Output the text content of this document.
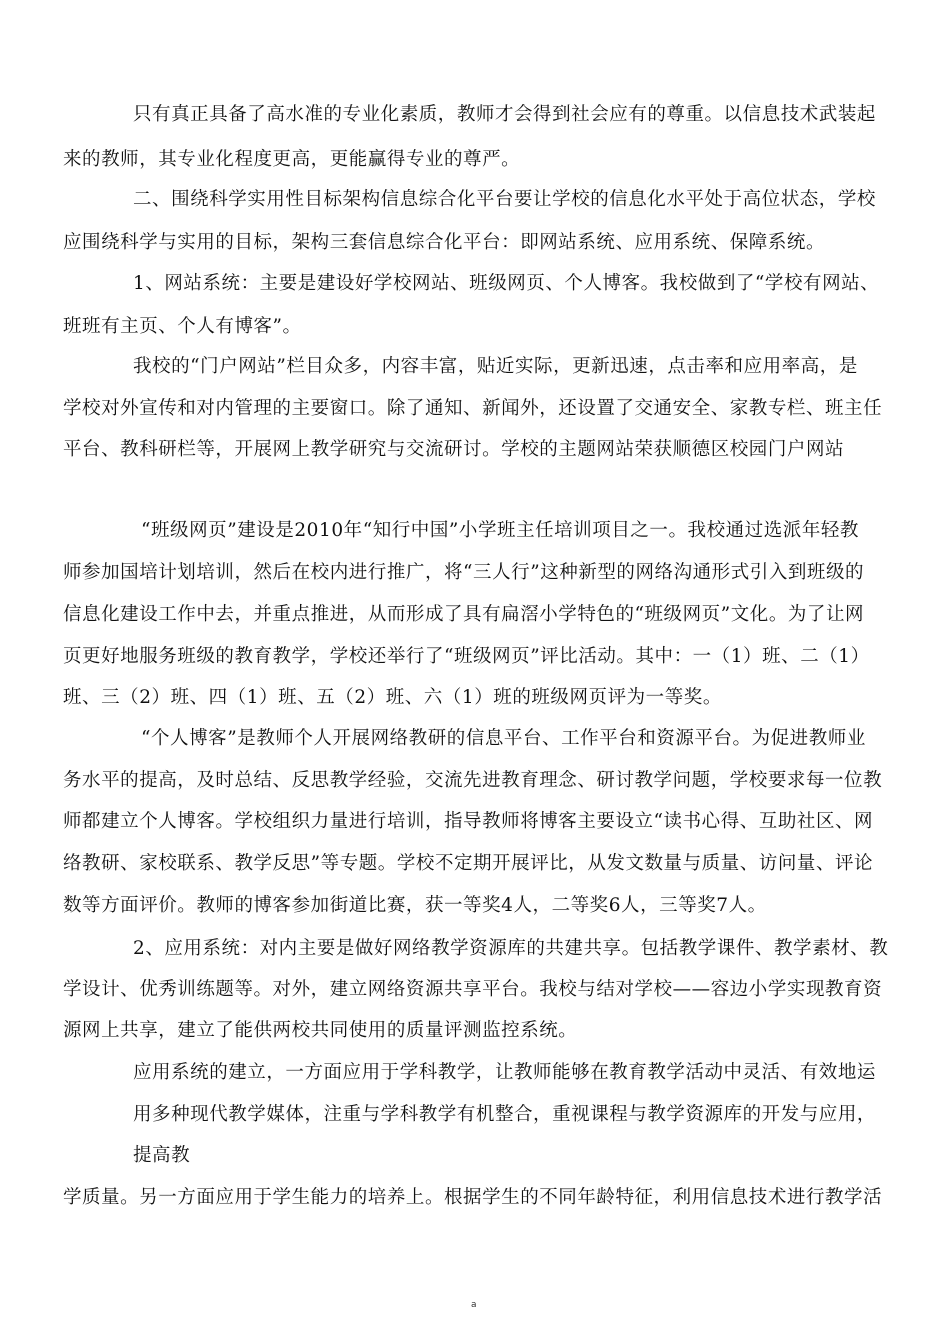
只有真正具备了高水准的专业化素质，教师才会得到社会应有的尊重。以信息技术武装起
来的教师，其专业化程度更高，更能赢得专业的尊严。
二、围绕科学实用性目标架构信息综合化平台要让学校的信息化水平处于高位状态，学校
应围绕科学与实用的目标，架构三套信息综合化平台：即网站系统、应用系统、保障系统。
1、网站系统：主要是建设好学校网站、班级网页、个人博客。我校做到了“学校有网站、
班班有主页、个人有博客”。
我校的“门户网站”栏目众多，内容丰富，贴近实际，更新迅速，点击率和应用率高，是
学校对外宣传和对内管理的主要窗口。除了通知、新闻外，还设置了交通安全、家教专栏、班主任
平台、教科研栏等，开展网上教学研究与交流研讨。学校的主题网站荣获顺德区校园门户网站
“班级网页”建设是2010年“知行中国”小学班主任培训项目之一。我校通过选派年轻教
师参加国培计划培训，然后在校内进行推广，将“三人行”这种新型的网络沟通形式引入到班级的
信息化建设工作中去，并重点推进，从而形成了具有扁滘小学特色的“班级网页”文化。为了让网
页更好地服务班级的教育教学，学校还举行了“班级网页”评比活动。其中：一（1）班、二（1）
班、三（2）班、四（1）班、五（2）班、六（1）班的班级网页评为一等奖。
“个人博客”是教师个人开展网络教研的信息平台、工作平台和资源平台。为促进教师业
务水平的提高，及时总结、反思教学经验，交流先进教育理念、研讨教学问题，学校要求每一位教
师都建立个人博客。学校组织力量进行培训，指导教师将博客主要设立“读书心得、互助社区、网
络教研、家校联系、教学反思”等专题。学校不定期开展评比，从发文数量与质量、访问量、评论
数等方面评价。教师的博客参加街道比赛，获一等奖4人，二等奖6人，三等奖7人。
2、应用系统：对内主要是做好网络教学资源库的共建共享。包括教学课件、教学素材、教
学设计、优秀训练题等。对外，建立网络资源共享平台。我校与结对学校——容边小学实现教育资
源网上共享，建立了能供两校共同使用的质量评测监控系统。
应用系统的建立，一方面应用于学科教学，让教师能够在教育教学活动中灵活、有效地运
用多种现代教学媒体，注重与学科教学有机整合，重视课程与教学资源库的开发与应用，
提高教
学质量。另一方面应用于学生能力的培养上。根据学生的不同年龄特征，利用信息技术进行教学活
a
